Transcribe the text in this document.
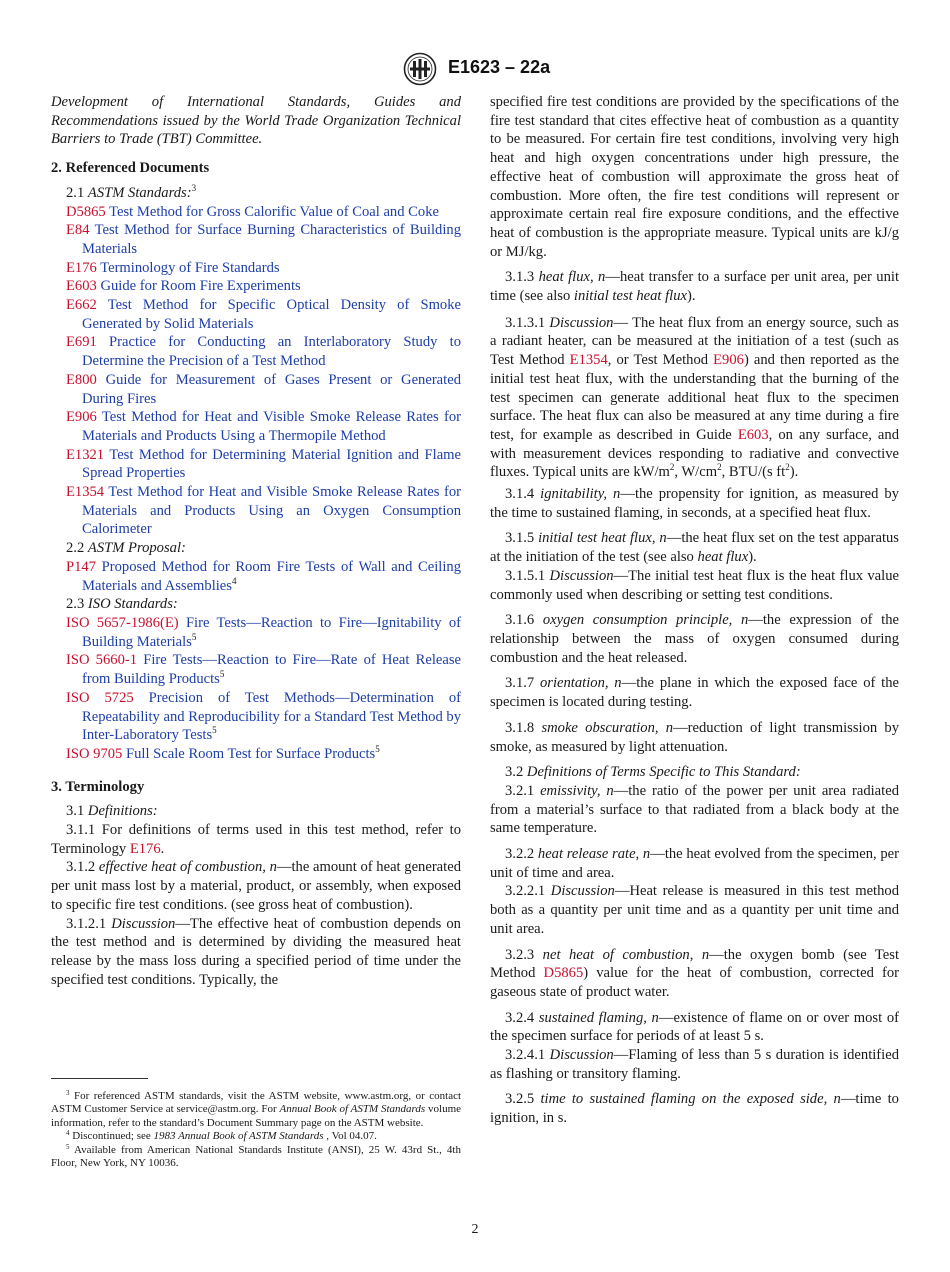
E1623 – 22a

Development of International Standards, Guides and Recommendations issued by the World Trade Organization Technical Barriers to Trade (TBT) Committee.

2. Referenced Documents

2.1 ASTM Standards:$^3$

D5865 Test Method for Gross Calorific Value of Coal and Coke

E84 Test Method for Surface Burning Characteristics of Building Materials

E176 Terminology of Fire Standards

E603 Guide for Room Fire Experiments

E662 Test Method for Specific Optical Density of Smoke Generated by Solid Materials

E691 Practice for Conducting an Interlaboratory Study to Determine the Precision of a Test Method

E800 Guide for Measurement of Gases Present or Generated During Fires

E906 Test Method for Heat and Visible Smoke Release Rates for Materials and Products Using a Thermopile Method

E1321 Test Method for Determining Material Ignition and Flame Spread Properties

E1354 Test Method for Heat and Visible Smoke Release Rates for Materials and Products Using an Oxygen Consumption Calorimeter

2.2 ASTM Proposal:

P147 Proposed Method for Room Fire Tests of Wall and Ceiling Materials and Assemblies$^4$

2.3 ISO Standards:

ISO 5657-1986(E) Fire Tests—Reaction to Fire—Ignitability of Building Materials$^5$

ISO 5660-1 Fire Tests—Reaction to Fire—Rate of Heat Release from Building Products$^5$

ISO 5725 Precision of Test Methods—Determination of Repeatability and Reproducibility for a Standard Test Method by Inter-Laboratory Tests$^5$

ISO 9705 Full Scale Room Test for Surface Products$^5$

3. Terminology

3.1 Definitions:

3.1.1 For definitions of terms used in this test method, refer to Terminology E176.

3.1.2 effective heat of combustion, n—the amount of heat generated per unit mass lost by a material, product, or assembly, when exposed to specific fire test conditions. (see gross heat of combustion).

3.1.2.1 Discussion—The effective heat of combustion depends on the test method and is determined by dividing the measured heat release by the mass loss during a specified period of time under the specified test conditions. Typically, the

specified fire test conditions are provided by the specifications of the fire test standard that cites effective heat of combustion as a quantity to be measured. For certain fire test conditions, involving very high heat and high oxygen concentrations under high pressure, the effective heat of combustion will approximate the gross heat of combustion. More often, the fire test conditions will represent or approximate certain real fire exposure conditions, and the effective heat of combustion is the appropriate measure. Typical units are kJ/g or MJ/kg.

3.1.3 heat flux, n—heat transfer to a surface per unit area, per unit time (see also initial test heat flux).

3.1.3.1 Discussion— The heat flux from an energy source, such as a radiant heater, can be measured at the initiation of a test (such as Test Method E1354, or Test Method E906) and then reported as the initial test heat flux, with the understanding that the burning of the test specimen can generate additional heat flux to the specimen surface. The heat flux can also be measured at any time during a fire test, for example as described in Guide E603, on any surface, and with measurement devices responding to radiative and convective fluxes. Typical units are $kW/m^2$, $W/cm^2$, BTU/(s $ft^2$).

3.1.4 ignitability, n—the propensity for ignition, as measured by the time to sustained flaming, in seconds, at a specified heat flux.

3.1.5 initial test heat flux, n—the heat flux set on the test apparatus at the initiation of the test (see also heat flux).

3.1.5.1 Discussion—The initial test heat flux is the heat flux value commonly used when describing or setting test conditions.

3.1.6 oxygen consumption principle, n—the expression of the relationship between the mass of oxygen consumed during combustion and the heat released.

3.1.7 orientation, n—the plane in which the exposed face of the specimen is located during testing.

3.1.8 smoke obscuration, n—reduction of light transmission by smoke, as measured by light attenuation.

3.2 Definitions of Terms Specific to This Standard:

3.2.1 emissivity, n—the ratio of the power per unit area radiated from a material’s surface to that radiated from a black body at the same temperature.

3.2.2 heat release rate, n—the heat evolved from the specimen, per unit of time and area.

3.2.2.1 Discussion—Heat release is measured in this test method both as a quantity per unit time and as a quantity per unit time and unit area.

3.2.3 net heat of combustion, n—the oxygen bomb (see Test Method D5865) value for the heat of combustion, corrected for gaseous state of product water.

3.2.4 sustained flaming, n—existence of flame on or over most of the specimen surface for periods of at least 5 s.

3.2.4.1 Discussion—Flaming of less than 5 s duration is identified as flashing or transitory flaming.

3.2.5 time to sustained flaming on the exposed side, n—time to ignition, in s.

$^3$ For referenced ASTM standards, visit the ASTM website, www.astm.org, or contact ASTM Customer Service at service@astm.org. For Annual Book of ASTM Standards volume information, refer to the standard’s Document Summary page on the ASTM website.

$^4$ Discontinued; see 1983 Annual Book of ASTM Standards , Vol 04.07.

$^5$ Available from American National Standards Institute (ANSI), 25 W. 43rd St., 4th Floor, New York, NY 10036.

2
